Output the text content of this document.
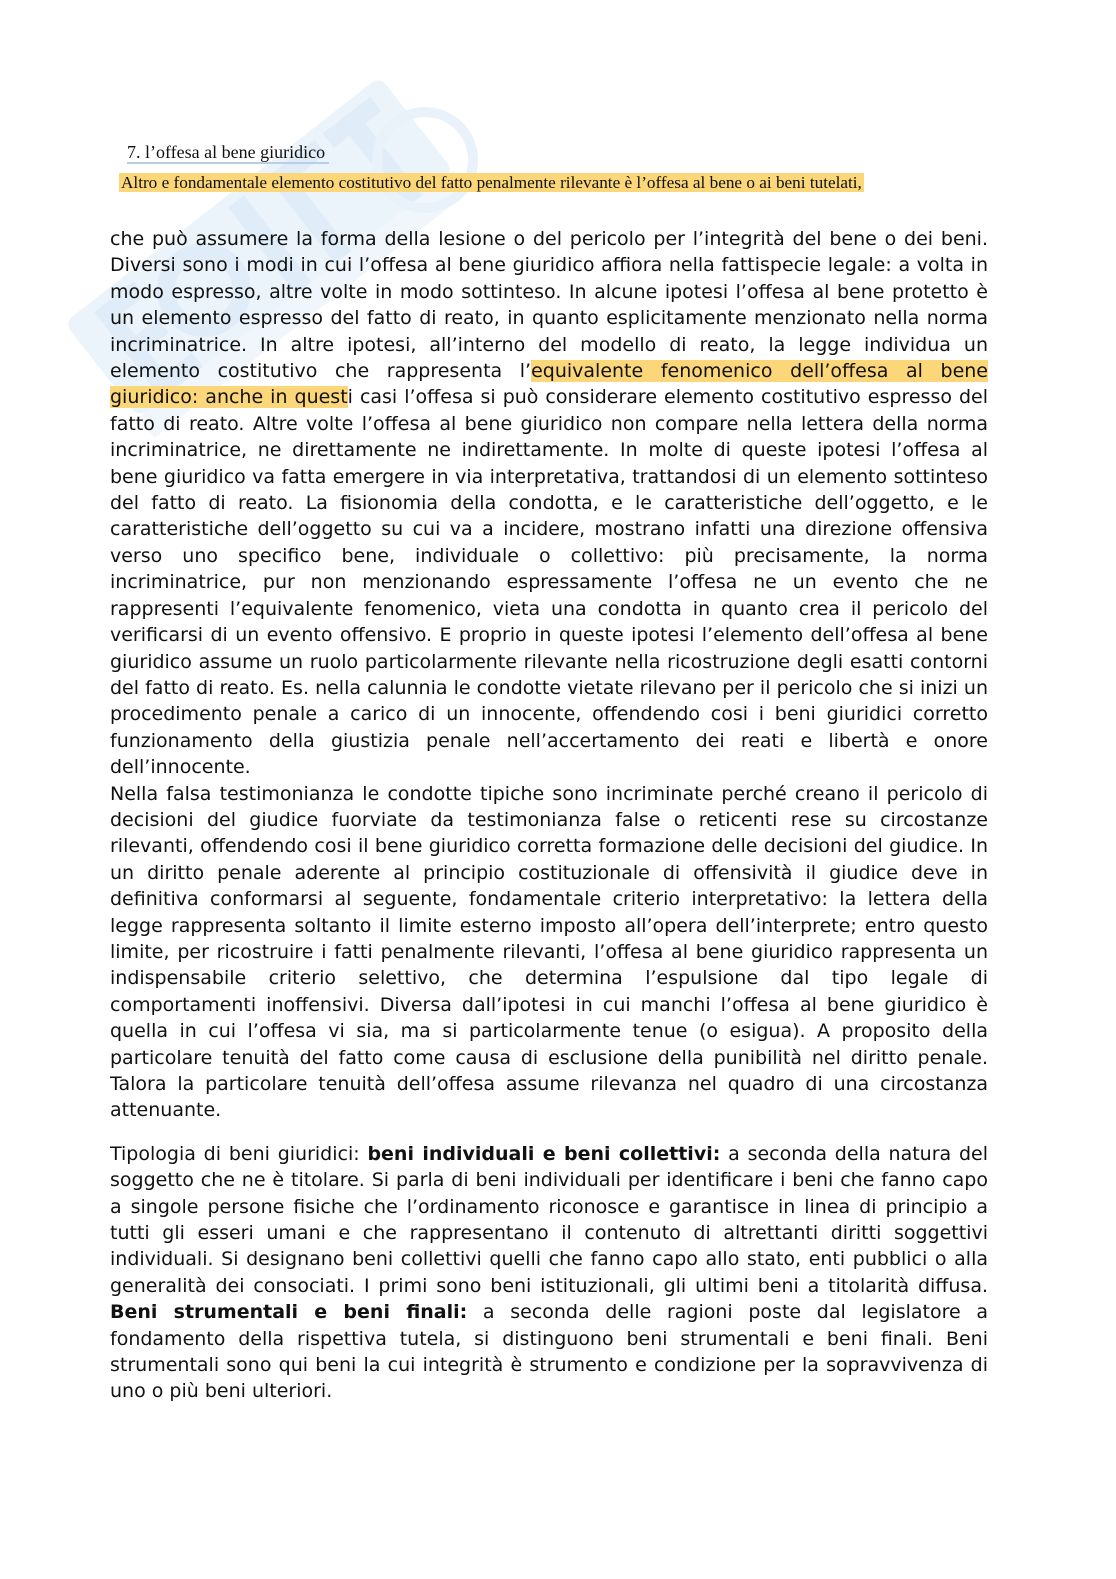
7. l’offesa al bene giuridico
Altro e fondamentale elemento costitutivo del fatto penalmente rilevante è l’offesa al bene o ai beni tutelati,

che può assumere la forma della lesione o del pericolo per l’integrità del bene o dei beni. Diversi sono i modi in cui l’offesa al bene giuridico affiora nella fattispecie legale: a volta in modo espresso, altre volte in modo sottinteso. In alcune ipotesi l’offesa al bene protetto è un elemento espresso del fatto di reato, in quanto esplicitamente menzionato nella norma incriminatrice. In altre ipotesi, all’interno del modello di reato, la legge individua un elemento costitutivo che rappresenta l’equivalente fenomenico dell’offesa al bene giuridico: anche in questi casi l’offesa si può considerare elemento costitutivo espresso del fatto di reato. Altre volte l’offesa al bene giuridico non compare nella lettera della norma incriminatrice, ne direttamente ne indirettamente. In molte di queste ipotesi l’offesa al bene giuridico va fatta emergere in via interpretativa, trattandosi di un elemento sottinteso del fatto di reato. La fisionomia della condotta, e le caratteristiche dell’oggetto, e le caratteristiche dell’oggetto su cui va a incidere, mostrano infatti una direzione offensiva verso uno specifico bene, individuale o collettivo: più precisamente, la norma incriminatrice, pur non menzionando espressamente l’offesa ne un evento che ne rappresenti l’equivalente fenomenico, vieta una condotta in quanto crea il pericolo del verificarsi di un evento offensivo. E proprio in queste ipotesi l’elemento dell’offesa al bene giuridico assume un ruolo particolarmente rilevante nella ricostruzione degli esatti contorni del fatto di reato. Es. nella calunnia le condotte vietate rilevano per il pericolo che si inizi un procedimento penale a carico di un innocente, offendendo cosi i beni giuridici corretto funzionamento della giustizia penale nell’accertamento dei reati e libertà e onore dell’innocente.

Nella falsa testimonianza le condotte tipiche sono incriminate perché creano il pericolo di decisioni del giudice fuorviate da testimonianza false o reticenti rese su circostanze rilevanti, offendendo cosi il bene giuridico corretta formazione delle decisioni del giudice. In un diritto penale aderente al principio costituzionale di offensività il giudice deve in definitiva conformarsi al seguente, fondamentale criterio interpretativo: la lettera della legge rappresenta soltanto il limite esterno imposto all’opera dell’interprete; entro questo limite, per ricostruire i fatti penalmente rilevanti, l’offesa al bene giuridico rappresenta un indispensabile criterio selettivo, che determina l’espulsione dal tipo legale di comportamenti inoffensivi. Diversa dall’ipotesi in cui manchi l’offesa al bene giuridico è quella in cui l’offesa vi sia, ma si particolarmente tenue (o esigua). A proposito della particolare tenuità del fatto come causa di esclusione della punibilità nel diritto penale. Talora la particolare tenuità dell’offesa assume rilevanza nel quadro di una circostanza attenuante.

Tipologia di beni giuridici: beni individuali e beni collettivi: a seconda della natura del soggetto che ne è titolare. Si parla di beni individuali per identificare i beni che fanno capo a singole persone fisiche che l’ordinamento riconosce e garantisce in linea di principio a tutti gli esseri umani e che rappresentano il contenuto di altrettanti diritti soggettivi individuali. Si designano beni collettivi quelli che fanno capo allo stato, enti pubblici o alla generalità dei consociati. I primi sono beni istituzionali, gli ultimi beni a titolarità diffusa. Beni strumentali e beni finali: a seconda delle ragioni poste dal legislatore a fondamento della rispettiva tutela, si distinguono beni strumentali e beni finali. Beni strumentali sono qui beni la cui integrità è strumento e condizione per la sopravvivenza di uno o più beni ulteriori.
